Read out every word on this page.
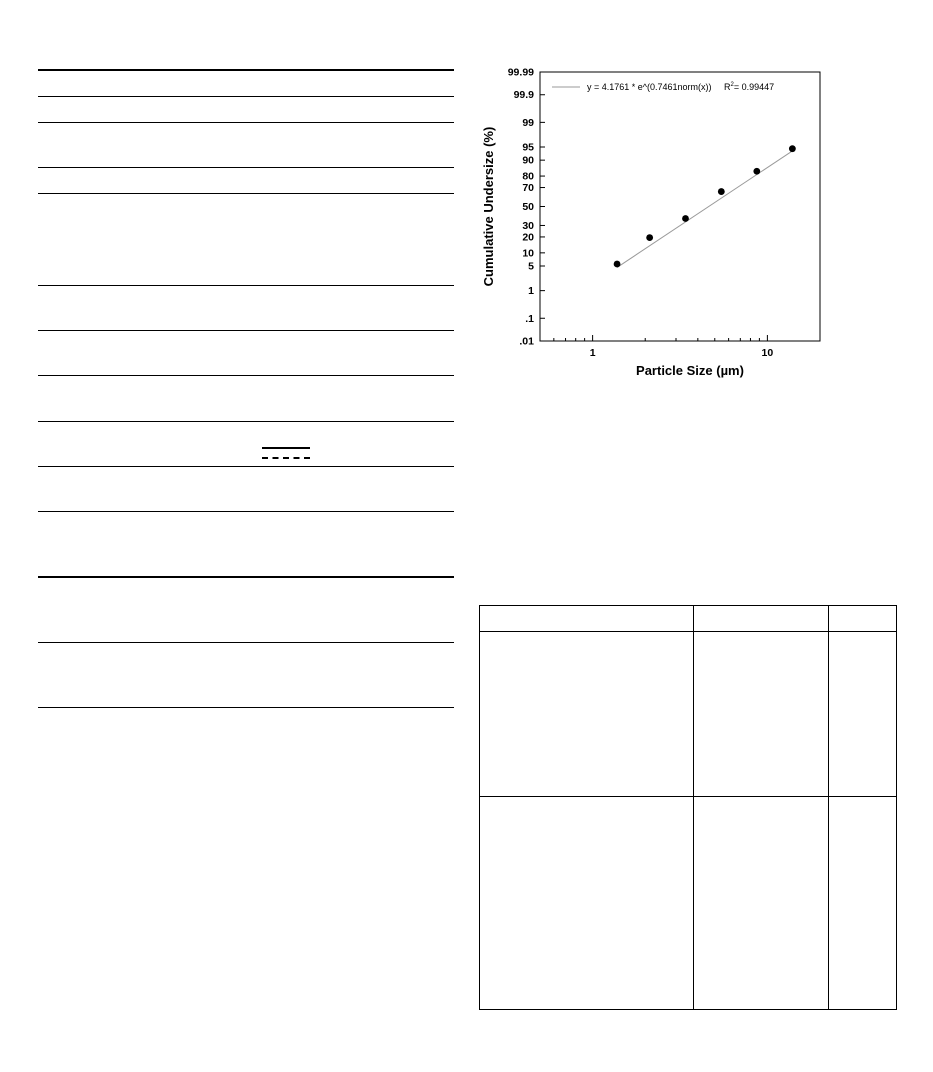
.01
.1
1
5
10
20
30
50
70
80
90
95
99
99.9
99.99
1	10
Particle Size (µm)
Cumulative Undersize (%)
y = 4.1761 * e^(0.7461norm(x)) $R^2= 0.99447$
